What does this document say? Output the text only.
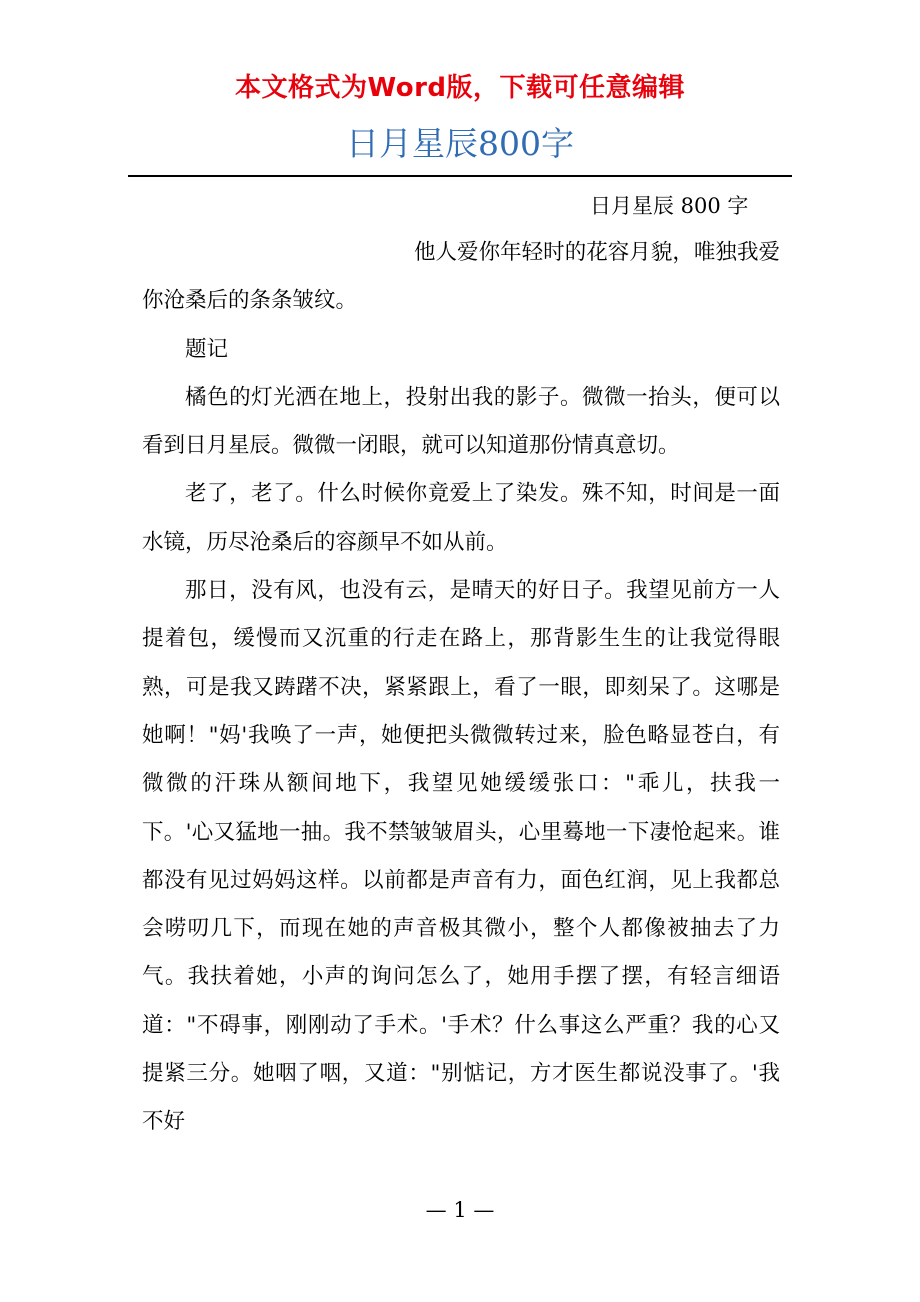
本文格式为Word版，下载可任意编辑
日月星辰800字
日月星辰 800 字

他人爱你年轻时的花容月貌，唯独我爱你沧桑后的条条皱纹。

题记

橘色的灯光洒在地上，投射出我的影子。微微一抬头，便可以看到日月星辰。微微一闭眼，就可以知道那份情真意切。

老了，老了。什么时候你竟爱上了染发。殊不知，时间是一面水镜，历尽沧桑后的容颜早不如从前。

那日，没有风，也没有云，是晴天的好日子。我望见前方一人提着包，缓慢而又沉重的行走在路上，那背影生生的让我觉得眼熟，可是我又踌躇不决，紧紧跟上，看了一眼，即刻呆了。这哪是她啊！"妈'我唤了一声，她便把头微微转过来，脸色略显苍白，有微微的汗珠从额间地下，我望见她缓缓张口："乖儿，扶我一下。'心又猛地一抽。我不禁皱皱眉头，心里蓦地一下凄怆起来。谁都没有见过妈妈这样。以前都是声音有力，面色红润，见上我都总会唠叨几下，而现在她的声音极其微小，整个人都像被抽去了力气。我扶着她，小声的询问怎么了，她用手摆了摆，有轻言细语道："不碍事，刚刚动了手术。'手术？什么事这么严重？我的心又提紧三分。她咽了咽，又道："别惦记，方才医生都说没事了。'我不好

— 1 —
